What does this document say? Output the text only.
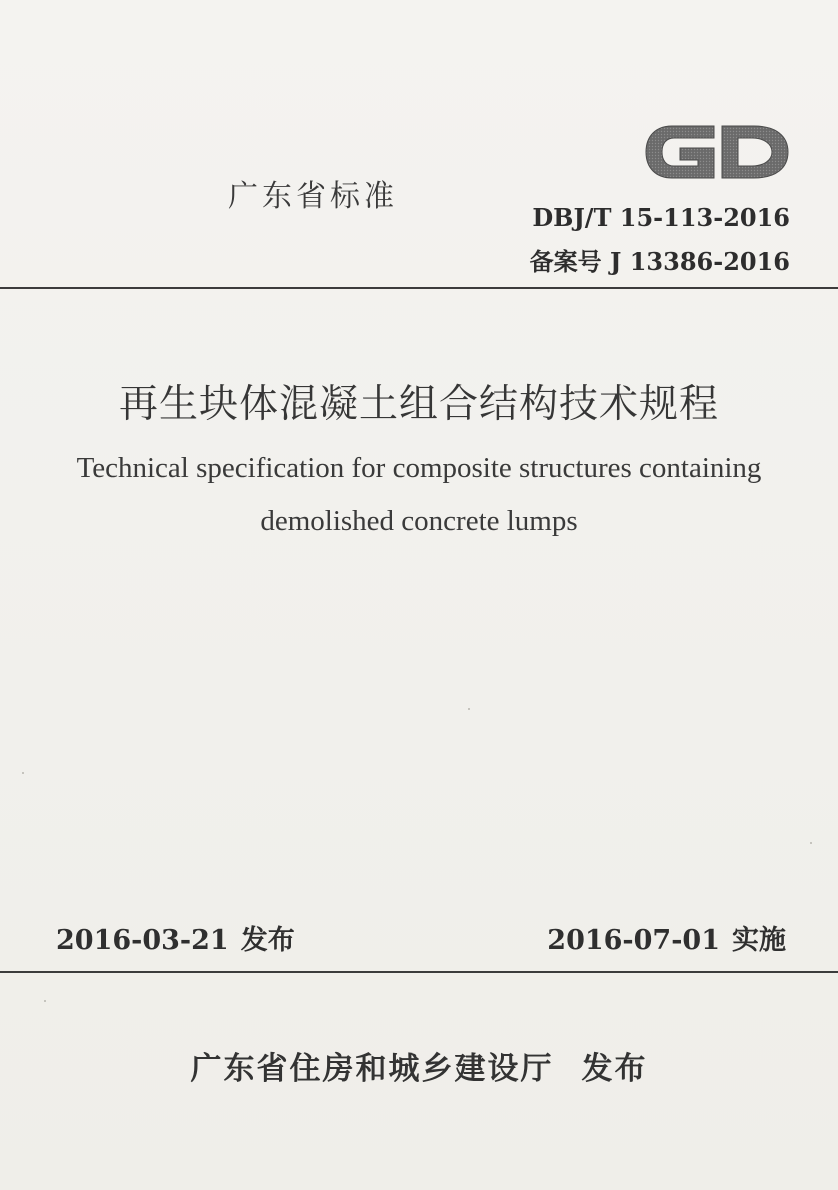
广东省标准
DBJ/T 15-113-2016
备案号 J 13386-2016
再生块体混凝土组合结构技术规程
Technical specification for composite structures containing
demolished concrete lumps
2016-03-21 发布	2016-07-01 实施
广东省住房和城乡建设厅 发布
